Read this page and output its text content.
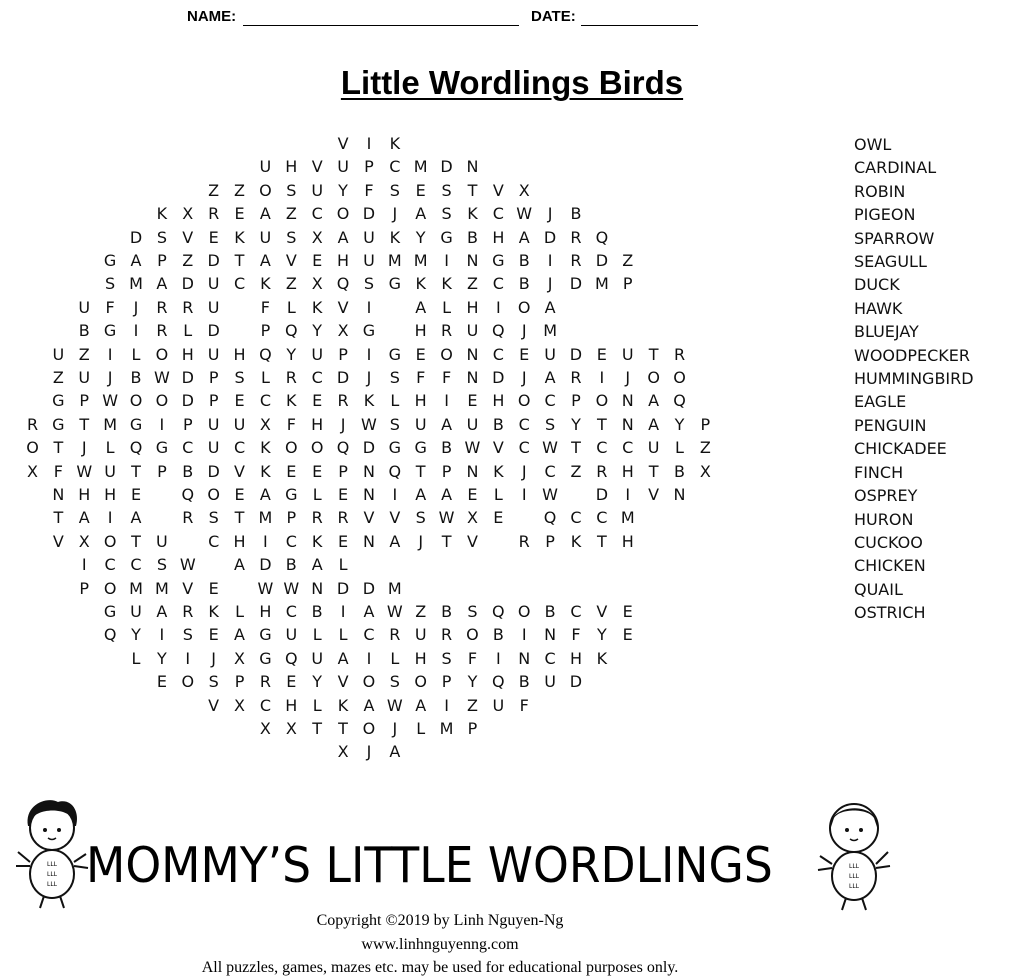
NAME:	DATE:
Little Wordlings Birds
V	I	K
U H V U P C M D N
Z Z O S U Y	F	S E S T V X
K X R E A Z C O D	J	A S K C W J	B
D S V E K U S X A U K Y G B H A D R Q
G A P Z D T A V E H U M M	I	N G B	I	R D Z
S M A D U C K Z X Q S G K K Z C B	J	D M P
U F	J	R R U	F	L	K V	I	A L H	I	O A
B G	I	R L D	P Q Y X G H R U Q	J	M
U Z	I	L O H U H Q Y U P	I	G E O N C E U D E U T R
Z U	J	B W D P S	L R C D	J	S	F	F N D	J	A R	I	J	O O
G P W O O D P E C K E R K	L H	I	E H O C P O N A Q
R G T M G	I	P U U X F H	J W S U A U B C S Y	T N A Y	P
O T	J	L Q G C U C K O O Q D G G B W V C W T C C U L Z
X F W U T	P B D V K E E	P N Q T	P N K	J	C Z R H T B X
N H H E	Q O E A G L	E N	I	A A E	L	I W D	I	V N
T A	I	A	R S T M P R R V V S W X E	Q C C M
V X O T U	C H	I	C K E N A	J	T V	R P K T H
I	C C S W A D B A L
P O M M V E	W W N D D M
G U A R K	L H C B	I	A W Z B S Q O B C V E
Q Y	I	S E A G U L	L C R U R O B	I	N F	Y E
L	Y	I	J	X G Q U A	I	L H S	F	I	N C H K
E O S P R E Y V O S O P	Y Q B U D
V X C H L	K A W A	I	Z U F
X X T	T O	J	L M P
X	J	A
OWL
CARDINAL
ROBIN
PIGEON
SPARROW
SEAGULL
DUCK
HAWK
BLUEJAY
WOODPECKER
HUMMINGBIRD
EAGLE
PENGUIN
CHICKADEE
FINCH
OSPREY
HURON
CUCKOO
CHICKEN
QUAIL
OSTRICH
LLL
LLL
LLL MOMMY’S LITTLE WORDLINGS	LLL
LLL
LLL
Copyright ©2019 by Linh Nguyen-Ng
www.linhnguyenng.com
All puzzles, games, mazes etc. may be used for educational purposes only.
